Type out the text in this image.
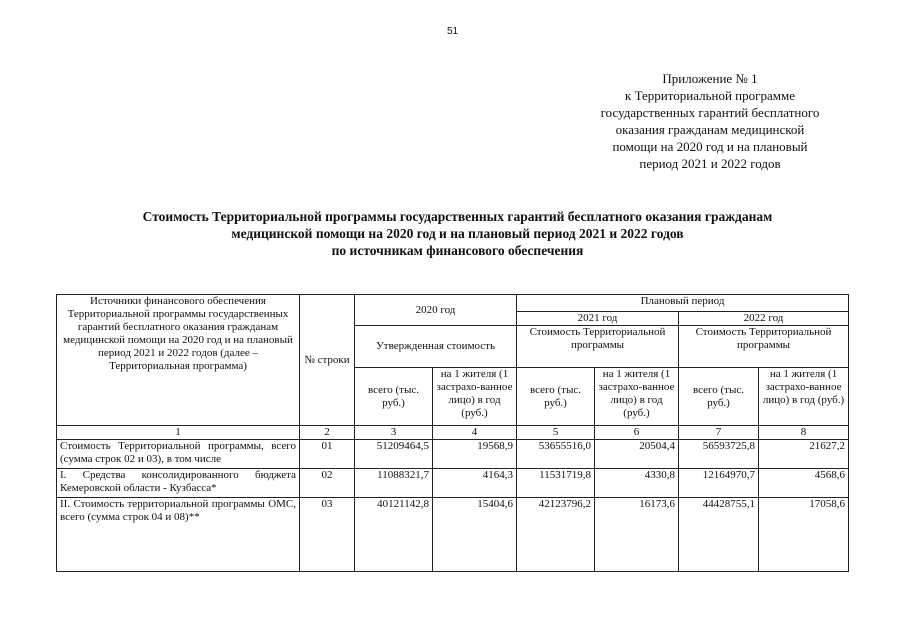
51
Приложение № 1
к Территориальной программе
государственных гарантий бесплатного
оказания гражданам медицинской
помощи на 2020 год и на плановый
период 2021 и 2022 годов
Стоимость Территориальной программы государственных гарантий бесплатного оказания гражданам
медицинской помощи на 2020 год и на плановый период 2021 и 2022 годов
по источникам финансового обеспечения
Источники финансового обеспечения Территориальной программы государственных гарантий бесплатного оказания гражданам медицинской помощи на 2020 год и на плановый период 2021 и 2022 годов (далее – Территориальная программа)	№ строки	2020 год		Плановый период			
				2021 год		2022 год	
		Утвержденная стоимость		Стоимость Территориальной программы		Стоимость Территориальной программы	
		всего (тыс. руб.)	на 1 жителя (1 застрахо-ванное лицо) в год (руб.)	всего (тыс. руб.)	на 1 жителя (1 застрахо-ванное лицо) в год (руб.)	всего (тыс. руб.)	на 1 жителя (1 застрахо-ванное лицо) в год (руб.)
1	2	3	4	5	6	7	8
Стоимость Территориальной программы, всего (сумма строк 02 и 03), в том числе	01	51209464,5	19568,9	53655516,0	20504,4	56593725,8	21627,2
I. Средства консолидированного бюджета Кемеровской области - Кузбасса*	02	11088321,7	4164,3	11531719,8	4330,8	12164970,7	4568,6
II. Стоимость территориальной программы ОМС, всего (сумма строк 04 и 08)**	03	40121142,8	15404,6	42123796,2	16173,6	44428755,1	17058,6
